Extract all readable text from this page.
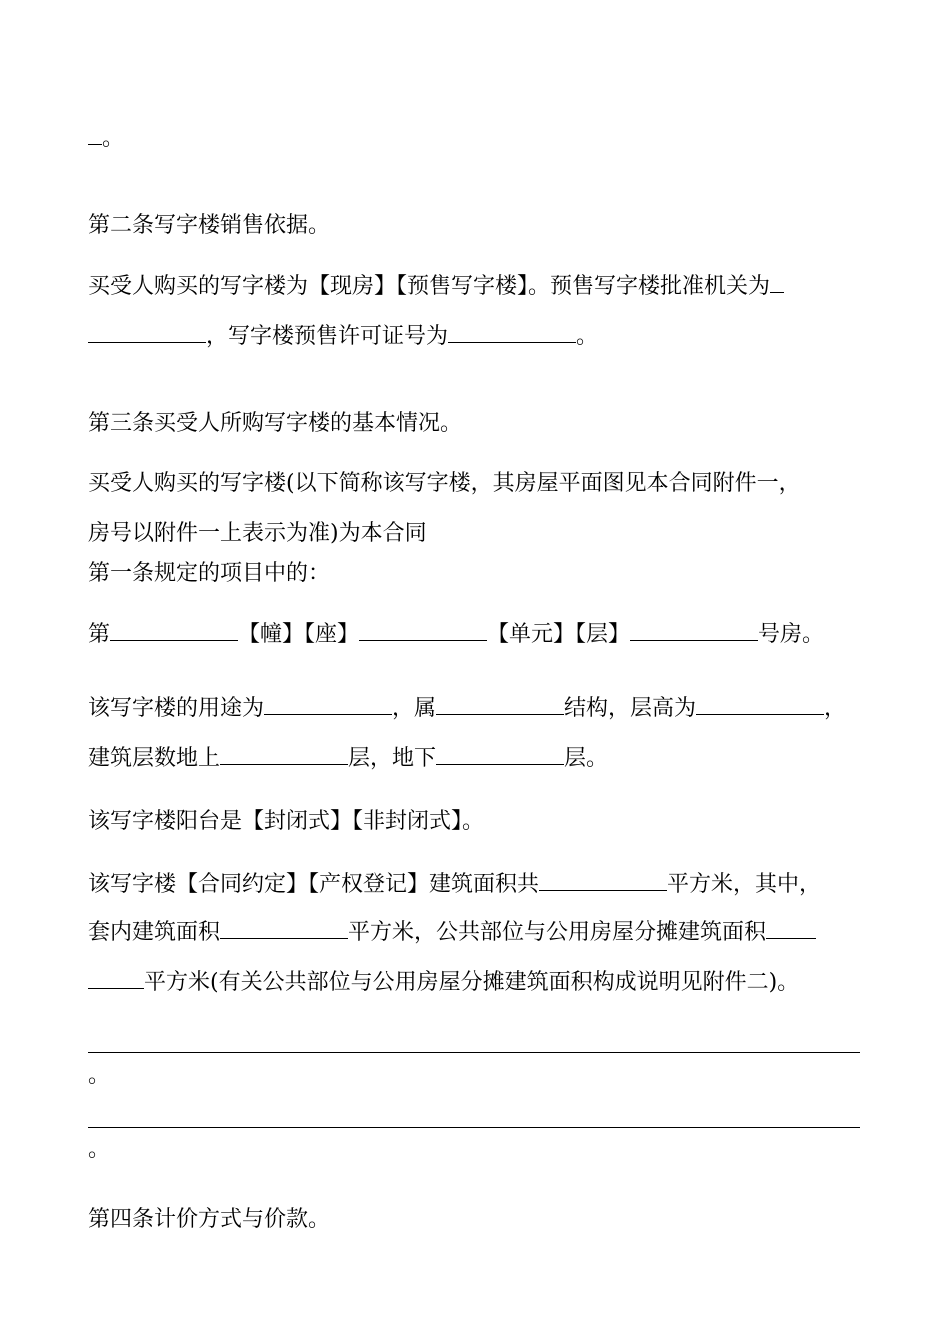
。
第二条写字楼销售依据。
买受人购买的写字楼为【现房】【预售写字楼】。预售写字楼批准机关为
，写字楼预售许可证号为	。
第三条买受人所购写字楼的基本情况。
买受人购买的写字楼(以下简称该写字楼，其房屋平面图见本合同附件一，
房号以附件一上表示为准)为本合同
第一条规定的项目中的：
第	【幢】【座】	【单元】【层】	号房。
该写字楼的用途为	，属	结构，层高为	，
建筑层数地上	层，地下	层。
该写字楼阳台是【封闭式】【非封闭式】。
该写字楼【合同约定】【产权登记】建筑面积共	平方米，其中，
套内建筑面积	平方米，公共部位与公用房屋分摊建筑面积
平方米(有关公共部位与公用房屋分摊建筑面积构成说明见附件二)。
。
。
第四条计价方式与价款。
